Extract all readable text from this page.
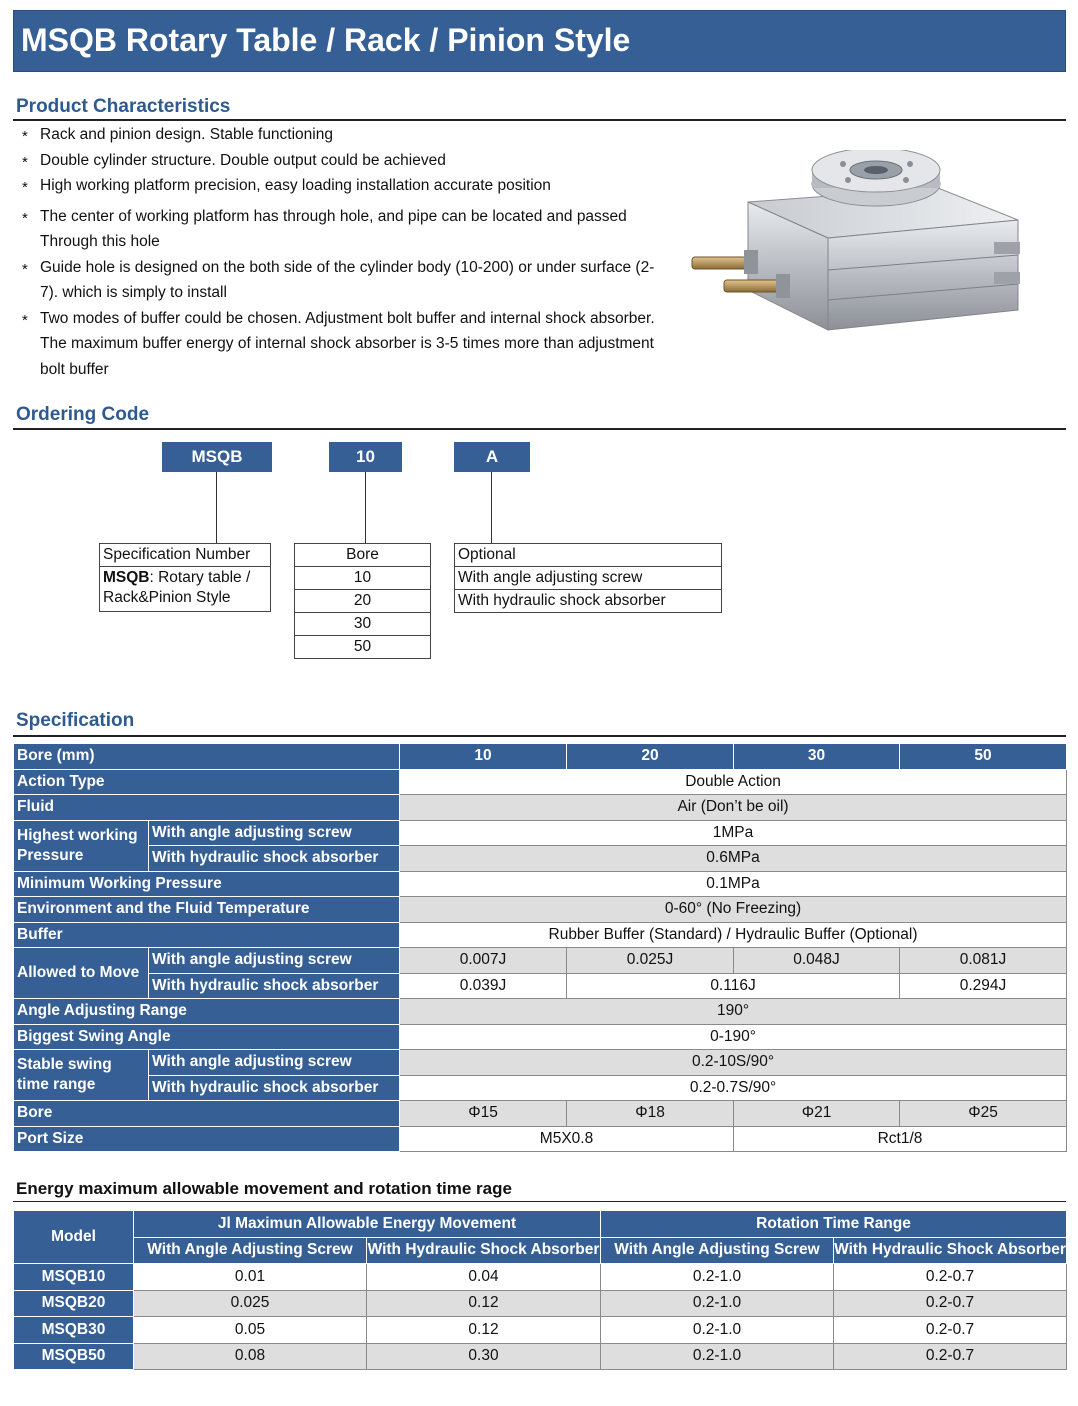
MSQB Rotary Table / Rack / Pinion Style
Product Characteristics
* Rack and pinion design. Stable functioning
* Double cylinder structure. Double output could be achieved
* High working platform precision, easy loading installation accurate position
* The center of working platform has through hole, and pipe can be located and passed Through this hole
* Guide hole is designed on the both side of the cylinder body (10-200) or under surface (2-7). which is simply to install
* Two modes of buffer could be chosen. Adjustment bolt buffer and internal shock absorber. The maximum buffer energy of internal shock absorber is 3-5 times more than adjustment bolt buffer
Ordering Code
MSQB	10	A
Specification Number
MSQB: Rotary table /
Rack&Pinion Style
Bore
10
20
30
50
Optional
With angle adjusting screw
With hydraulic shock absorber
Specification
Bore (mm)		10	20	30	50
Action Type		Double Action			
Fluid		Air (Don’t be oil)			
Highest working Pressure	With angle adjusting screw	1MPa			
	With hydraulic shock absorber	0.6MPa			
Minimum Working Pressure		0.1MPa			
Environment and the Fluid Temperature		0-60° (No Freezing)			
Buffer		Rubber Buffer (Standard) / Hydraulic Buffer (Optional)			
Allowed to Move	With angle adjusting screw	0.007J	0.025J	0.048J	0.081J
	With hydraulic shock absorber	0.039J	0.116J		0.294J
Angle Adjusting Range		190°			
Biggest Swing Angle		0-190°			
Stable swing time range	With angle adjusting screw	0.2-10S/90°			
	With hydraulic shock absorber	0.2-0.7S/90°			
Bore		Φ15	Φ18	Φ21	Φ25
Port Size		M5X0.8		Rct1/8	
Energy maximum allowable movement and rotation time rage
Model	Jl Maximun Allowable Energy Movement		Rotation Time Range	
	With Angle Adjusting Screw	With Hydraulic Shock Absorber	With Angle Adjusting Screw	With Hydraulic Shock Absorber
MSQB10	0.01	0.04	0.2-1.0	0.2-0.7
MSQB20	0.025	0.12	0.2-1.0	0.2-0.7
MSQB30	0.05	0.12	0.2-1.0	0.2-0.7
MSQB50	0.08	0.30	0.2-1.0	0.2-0.7
